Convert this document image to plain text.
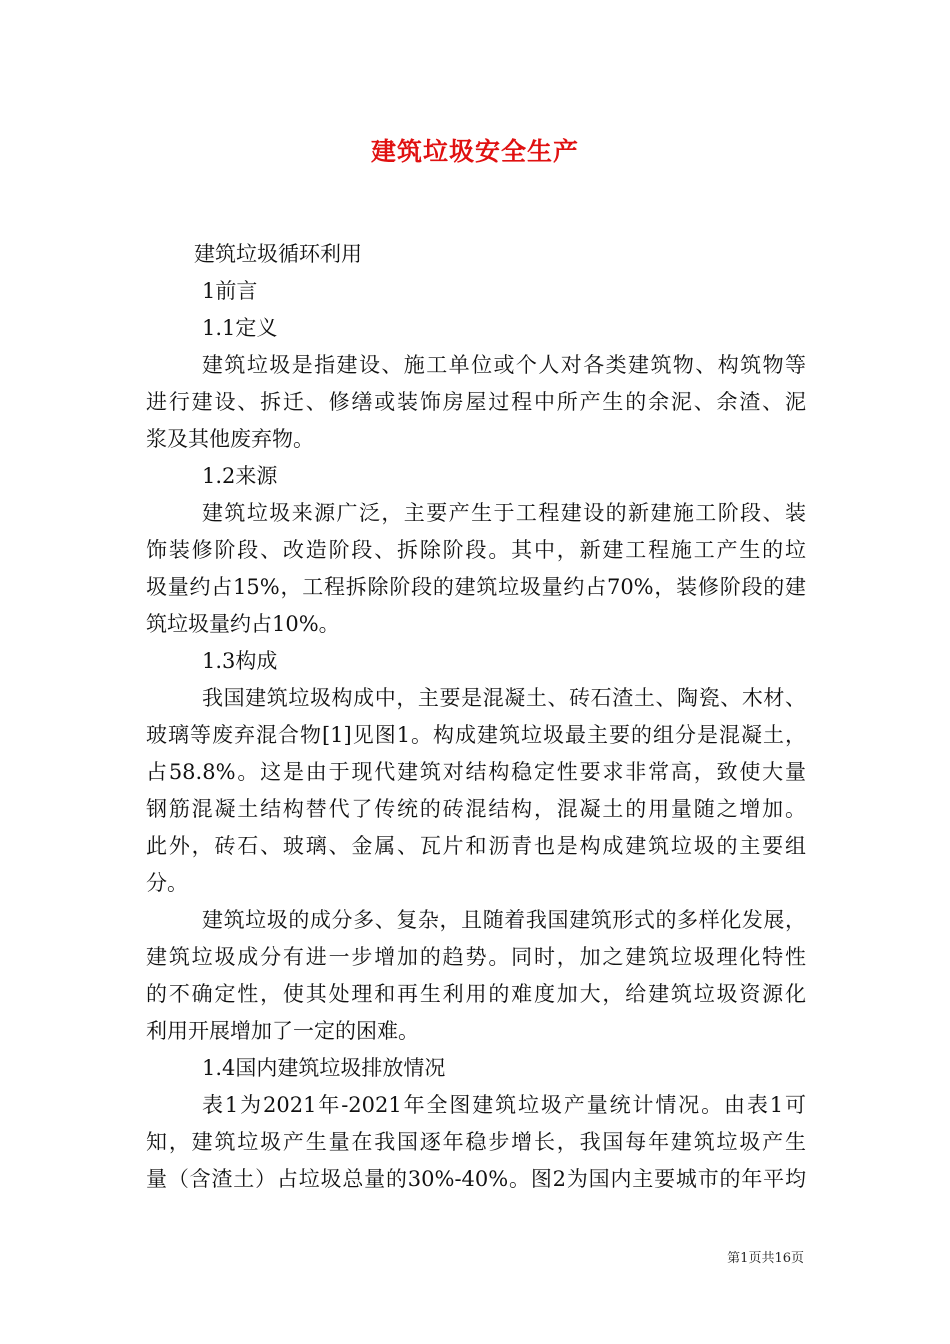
建筑垃圾安全生产
建筑垃圾循环利用
1前言
1.1定义
建筑垃圾是指建设、施工单位或个人对各类建筑物、构筑物等
进行建设、拆迁、修缮或装饰房屋过程中所产生的余泥、余渣、泥
浆及其他废弃物。
1.2来源
建筑垃圾来源广泛，主要产生于工程建设的新建施工阶段、装
饰装修阶段、改造阶段、拆除阶段。其中，新建工程施工产生的垃
圾量约占15%，工程拆除阶段的建筑垃圾量约占70%，装修阶段的建
筑垃圾量约占10%。
1.3构成
我国建筑垃圾构成中，主要是混凝土、砖石渣土、陶瓷、木材、
玻璃等废弃混合物[1]见图1。构成建筑垃圾最主要的组分是混凝土，
占58.8%。这是由于现代建筑对结构稳定性要求非常高，致使大量
钢筋混凝土结构替代了传统的砖混结构，混凝土的用量随之增加。
此外，砖石、玻璃、金属、瓦片和沥青也是构成建筑垃圾的主要组
分。
建筑垃圾的成分多、复杂，且随着我国建筑形式的多样化发展，
建筑垃圾成分有进一步增加的趋势。同时，加之建筑垃圾理化特性
的不确定性，使其处理和再生利用的难度加大，给建筑垃圾资源化
利用开展增加了一定的困难。
1.4国内建筑垃圾排放情况
表1为2021年-2021年全图建筑垃圾产量统计情况。由表1可
知，建筑垃圾产生量在我国逐年稳步增长，我国每年建筑垃圾产生
量（含渣土）占垃圾总量的30%-40%。图2为国内主要城市的年平均
第1页共16页
